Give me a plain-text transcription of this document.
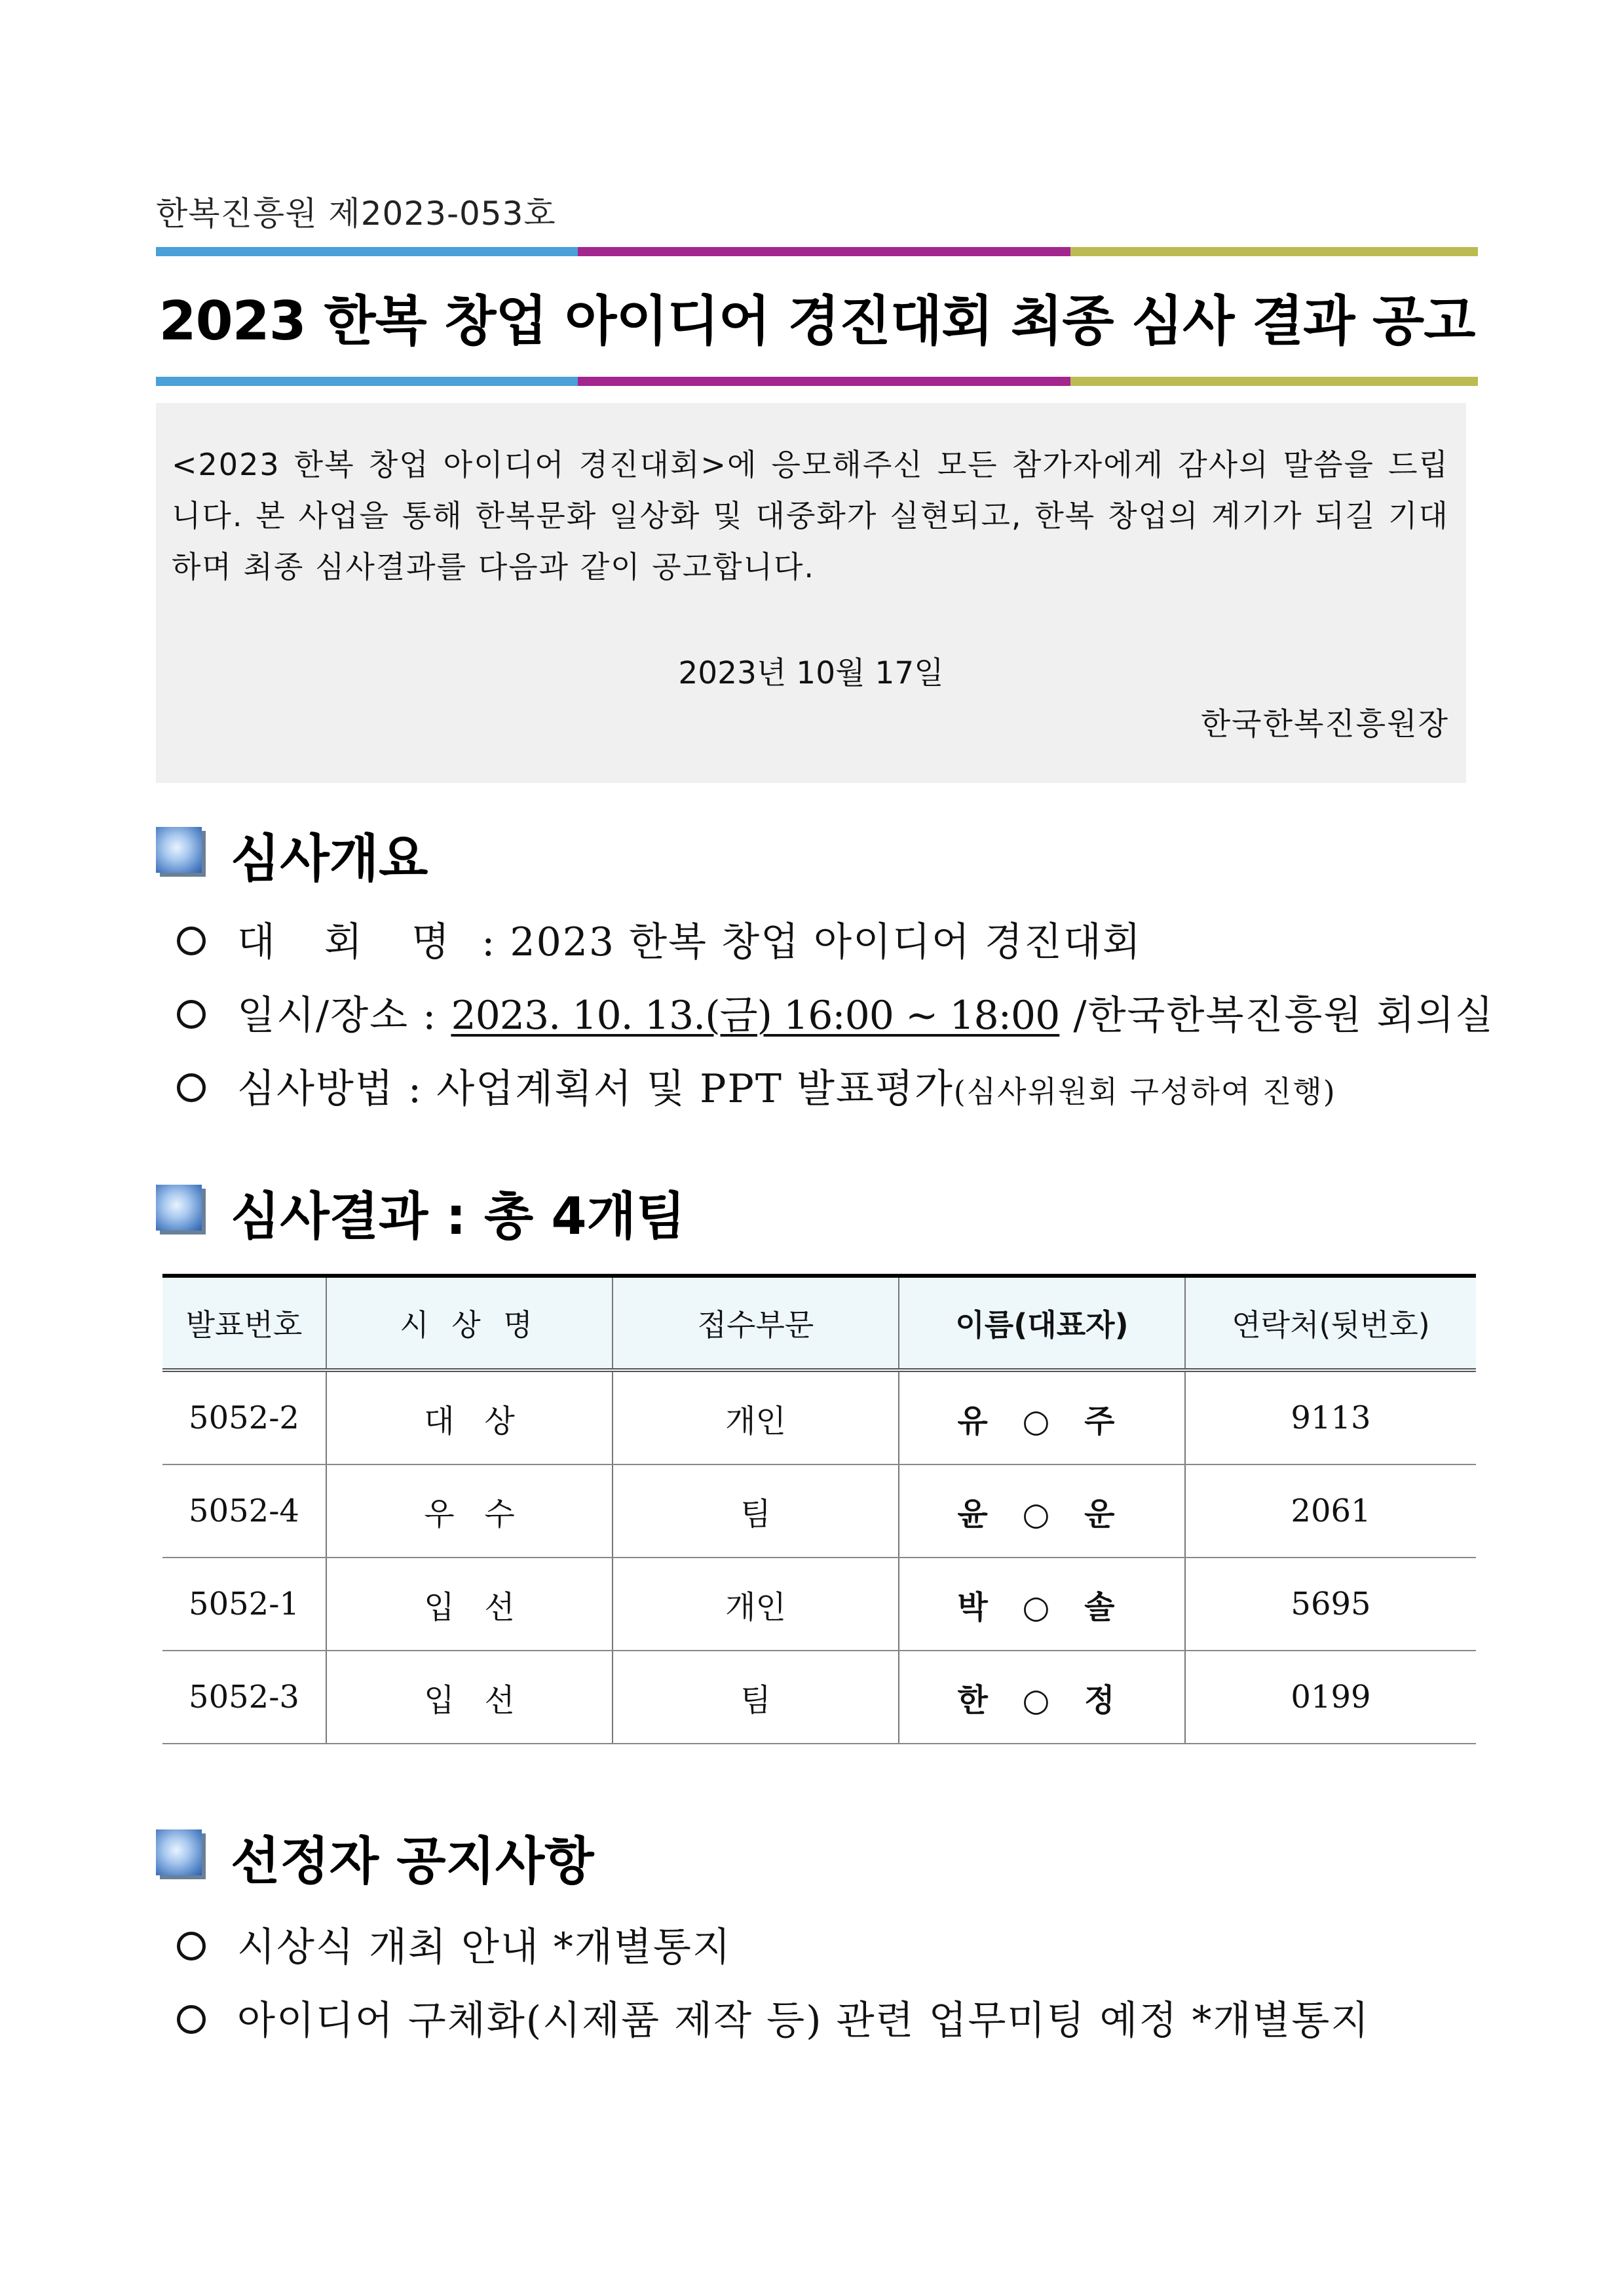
한복진흥원 제2023-053호
2023 한복 창업 아이디어 경진대회 최종 심사 결과 공고
<2023 한복 창업 아이디어 경진대회>에 응모해주신 모든 참가자에게 감사의 말씀을 드립니다. 본 사업을 통해 한복문화 일상화 및 대중화가 실현되고, 한복 창업의 계기가 되길 기대하며 최종 심사결과를 다음과 같이 공고합니다.
2023년 10월 17일
한국한복진흥원장
심사개요
대 회 명 : 2023 한복 창업 아이디어 경진대회
일시/장소 : 2023. 10. 13.(금) 16:00 ~ 18:00 /한국한복진흥원 회의실
심사방법 : 사업계획서 및 PPT 발표평가(심사위원회 구성하여 진행)
심사결과 : 총 4개팀
발표번호	시 상 명	접수부문	이름(대표자)	연락처(뒷번호)
5052-2	대   상	개인	유 ○ 주	9113
5052-4	우   수	팀	윤 ○ 운	2061
5052-1	입   선	개인	박 ○ 솔	5695
5052-3	입   선	팀	한 ○ 정	0199
선정자 공지사항
시상식 개최 안내 *개별통지
아이디어 구체화(시제품 제작 등) 관련 업무미팅 예정 *개별통지
